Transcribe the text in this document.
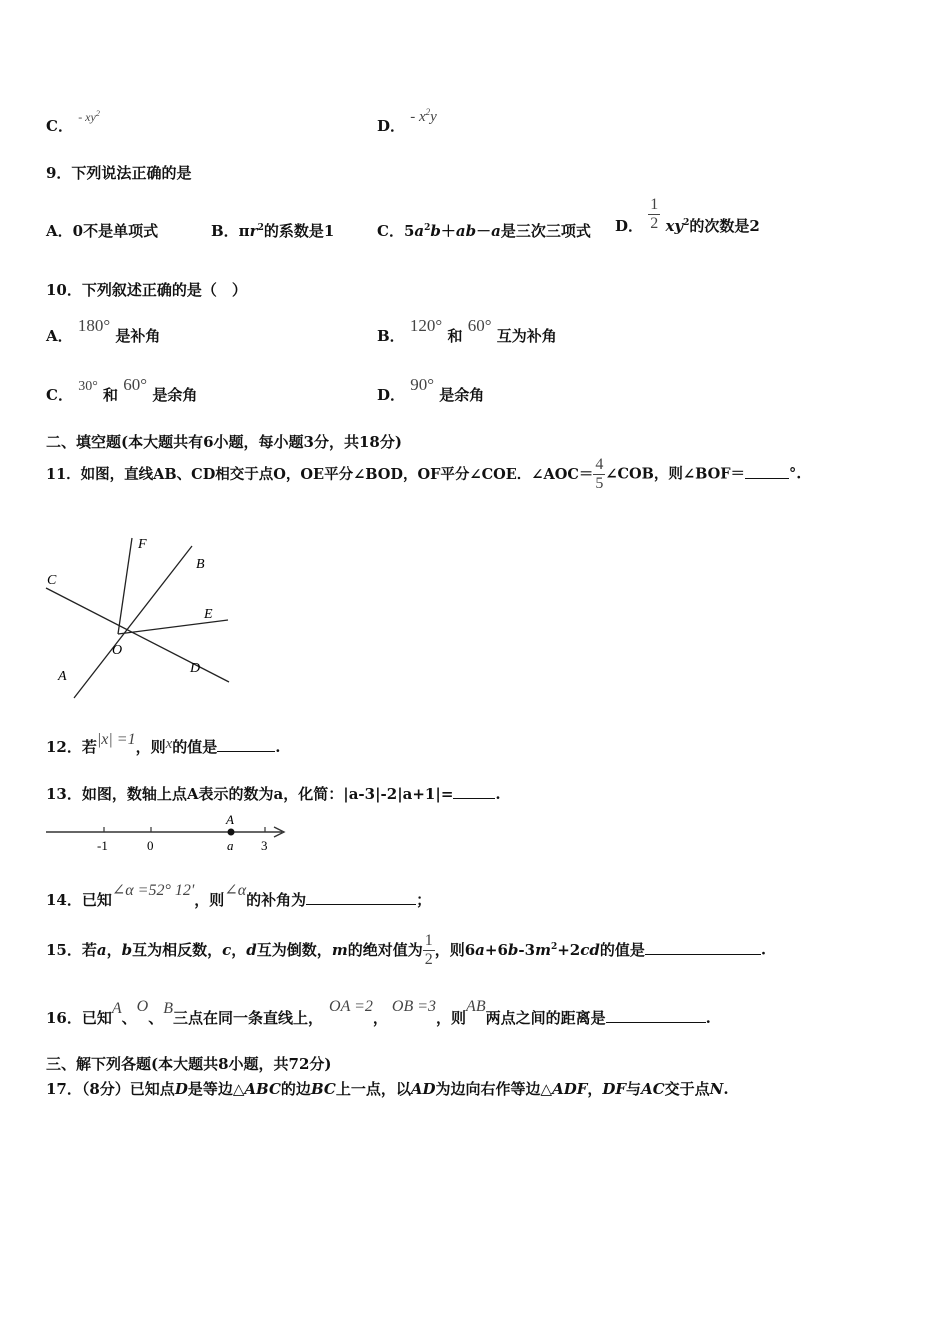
C． $^{- xy^2}$
D． - $x^2y$
9．下列说法正确的是
A．0不是单项式	B．$\pi r^2$的系数是1	C．$5a^2b+ab-a$是三次三项式 D． $\frac{1}{2} xy^2$的次数是2
10．下列叙述正确的是（　）
A． 180° 是补角	B． 120° 和 60° 互为补角
C． 30° 和 60° 是余角	D． 90° 是余角
二、填空题(本大题共有6小题，每小题3分，共18分)
11．如图，直线AB、CD相交于点O，OE平分∠BOD，OF平分∠COE．∠AOC＝ $\frac{4}{5}$ ∠COB，则∠BOF＝	°.
F
B
C
E
O
A
D
12．若|x| =1，则x的值是	.
13．如图，数轴上点A表示的数为a，化简：|a-3|-2|a+1|=	.
A
-1	0	a 3
14．已知∠α =52° 12'，则∠α的补角为	；
15．若a，b互为相反数，c，d互为倒数，m的绝对值为 $\frac{1}{2}$ ，则$6a+6b-3m^2+2cd$的值是	.
16．已知A、O、B三点在同一条直线上，OA =2，OB =3，则AB两点之间的距离是	.
三、解下列各题(本大题共8小题，共72分)
17．（8分）已知点D是等边△ABC的边BC上一点，以AD为边向右作等边△ADF，DF与AC交于点N.
